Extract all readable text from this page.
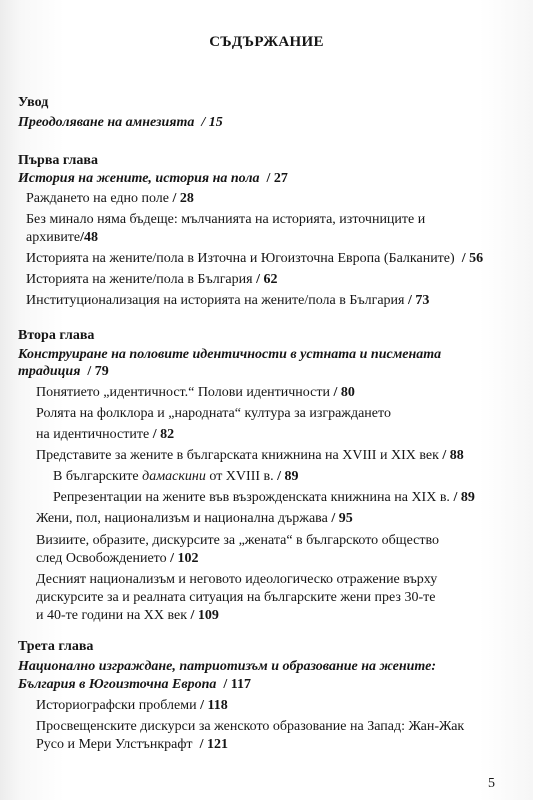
СЪДЪРЖАНИЕ
Увод
Преодоляване на амнезията / 15
Първа глава
История на жените, история на пола / 27
Раждането на едно поле / 28
Без минало няма бъдеще: мълчанията на историята, източниците и
архивите/48
Историята на жените/пола в Източна и Югоизточна Европа (Балканите) / 56
Историята на жените/пола в България / 62
Институционализация на историята на жените/пола в България / 73
Втора глава
Конструиране на половите идентичности в устната и писмената
традиция / 79
Понятието „идентичност.“ Полови идентичности / 80
Ролята на фолклора и „народната“ култура за изграждането
на идентичностите / 82
Представите за жените в българската книжнина на XVIII и XIX век / 88
В българските дамаскини от XVIII в. / 89
Репрезентации на жените във възрожденската книжнина на XIX в. / 89
Жени, пол, национализъм и национална държава / 95
Визиите, образите, дискурсите за „жената“ в българското общество
след Освобождението / 102
Десният национализъм и неговото идеологическо отражение върху
дискурсите за и реалната ситуация на българските жени през 30-те
и 40-те години на XX век / 109
Трета глава
Национално изграждане, патриотизъм и образование на жените:
България в Югоизточна Европа / 117
Историографски проблеми / 118
Просвещенските дискурси за женското образование на Запад: Жан-Жак
Русо и Мери Улстънкрафт / 121
5
